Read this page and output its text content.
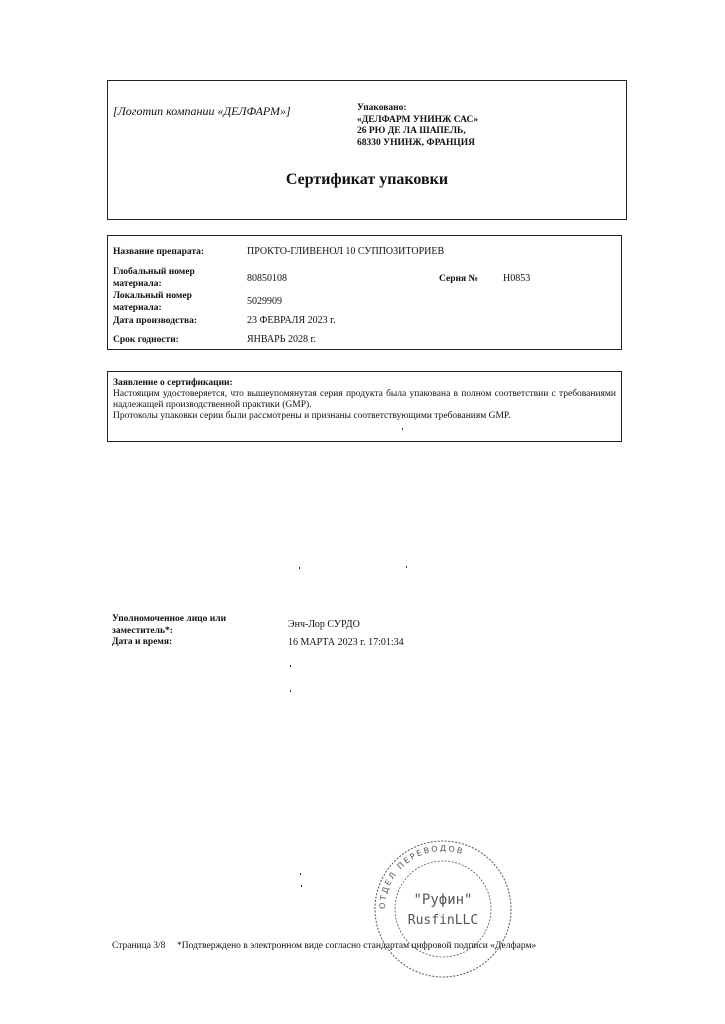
[Логотип компании «ДЕЛФАРМ»]	Упаковано:
«ДЕЛФАРМ УНИНЖ САС»
26 РЮ ДЕ ЛА ШАПЕЛЬ,
68330 УНИНЖ, ФРАНЦИЯ
Сертификат упаковки
Название препарата:	ПРОКТО-ГЛИВЕНОЛ 10 СУППОЗИТОРИЕВ
Глобальный номер
материала:	80850108	Серия № H0853
Локальный номер
материала:
5029909
Дата производства:	23 ФЕВРАЛЯ 2023 г.
Срок годности:	ЯНВАРЬ 2028 г.
Заявление о сертификации:

Настоящим удостоверяется, что вышеупомянутая серия продукта была упакована в полном соответствии с требованиями надлежащей производственной практики (GMP).

Протоколы упаковки серии были рассмотрены и признаны соответствующими требованиям GMP.

Уполномоченное лицо или
заместитель*:
Энч-Лор СУРДО
Дата и время:	16 МАРТА 2023 г. 17:01:34
ОТДЕЛ ПЕРЕВОДОВ
"Руфин"
RusfinLLC
Страница 3/8 *Подтверждено в электронном виде согласно стандартам цифровой подписи «Делфарм»
